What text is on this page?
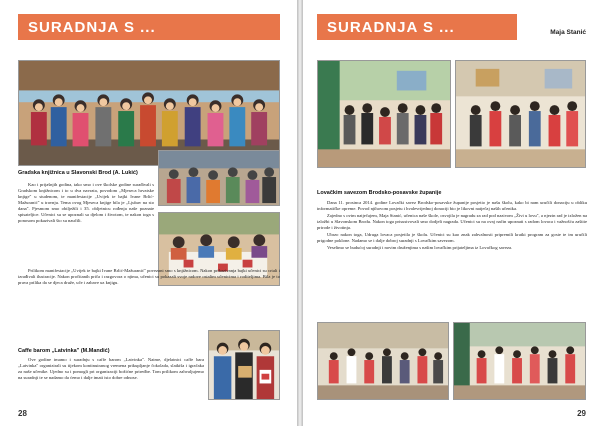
SURADNJA S ...
Gradska knjižnica u Slavonski Brod (A. Lukić)

Kao i prijašnjih godina, tako smo i ove školske godine surađivali s Gradskom knjižnicom i to u dva navrata, povodom „Mjeseca hrvatske knjige" u studenom, te manifestacije „Uvijek te bajki Ivane Brlić-Mažuranić" u travnju. Tema ovog Mjeseca knjige bila je „Ljubav na sto dana". Pjesmom smo obilježili i 35. obljetnicu rođenja naše poznate spisateljice. Učenici su se upoznali sa djelom i životom, te nakon toga s ponosom pokazivali što su naučili.

Prilikom manifestacije „Uvijek te bajki Ivane Brlić-Mažuranić" povezani smo s knjižnicom. Nakon prikazivanja bajki učenici su crtali i izrađivali ilustracije. Nakon pročitanih priča i razgovora o njima, učenici su pokazali svoje radove ostalim učenicima i roditeljima. Bila je to prava prilika da se djeca druže, uče i zabave uz knjigu.

Caffe barom „Latvinka" (M.Mandić)

Ove godine imamo i suradnju s caffe barom „Latvinka". Naime, djelatnici caffe bara „Latvinka" organizirali su tijekom kontinuiranog vremena prikupljanje čokolada, slatkiša i igračaka za naše učenike. Ujedno su i pomogli pri organizaciji božićne priredbe. Tom prilikom zahvaljujemo na suradnji te se nadamo da ćemo i dalje imati isto dobre odnose.

28
SURADNJA S ...	Maja Stanić
Lovačkim savezom Brodsko-posavske županije

Dana 11. prosinca 2014. godine Lovački savez Brodsko-posavske županije posjetio je našu školu, kako bi nam uručili donaciju u obliku informatičke opreme. Povod njihovom posjetu i hvalevrijednoj donaciji bio je likovni natječaj naših učenika.

Zajedno s ovim natječajem, Maja Stanić, učenica naše škole, osvojila je nagradu za rad pod nazivom „Živi u lovu", a njezin rad je izložen na izložbi u Slavonskom Brodu. Nakon toga prisustvovali smo dodjeli nagrada. Učenici su na ovaj način upoznati s radom lovaca i važnošću zaštite prirode i životinja.

Ubrzo nakon toga, Udruga lovaca posjetila je školu. Učenici su kao znak zahvalnosti pripremili kratki program za goste te im uručili prigodne poklone. Nadamo se i dalje dobroj suradnji s Lovačkim savezom.

Veselimo se budućoj suradnji i novim druženjima s našim lovačkim prijateljima iz Lovačkog saveza.

29
